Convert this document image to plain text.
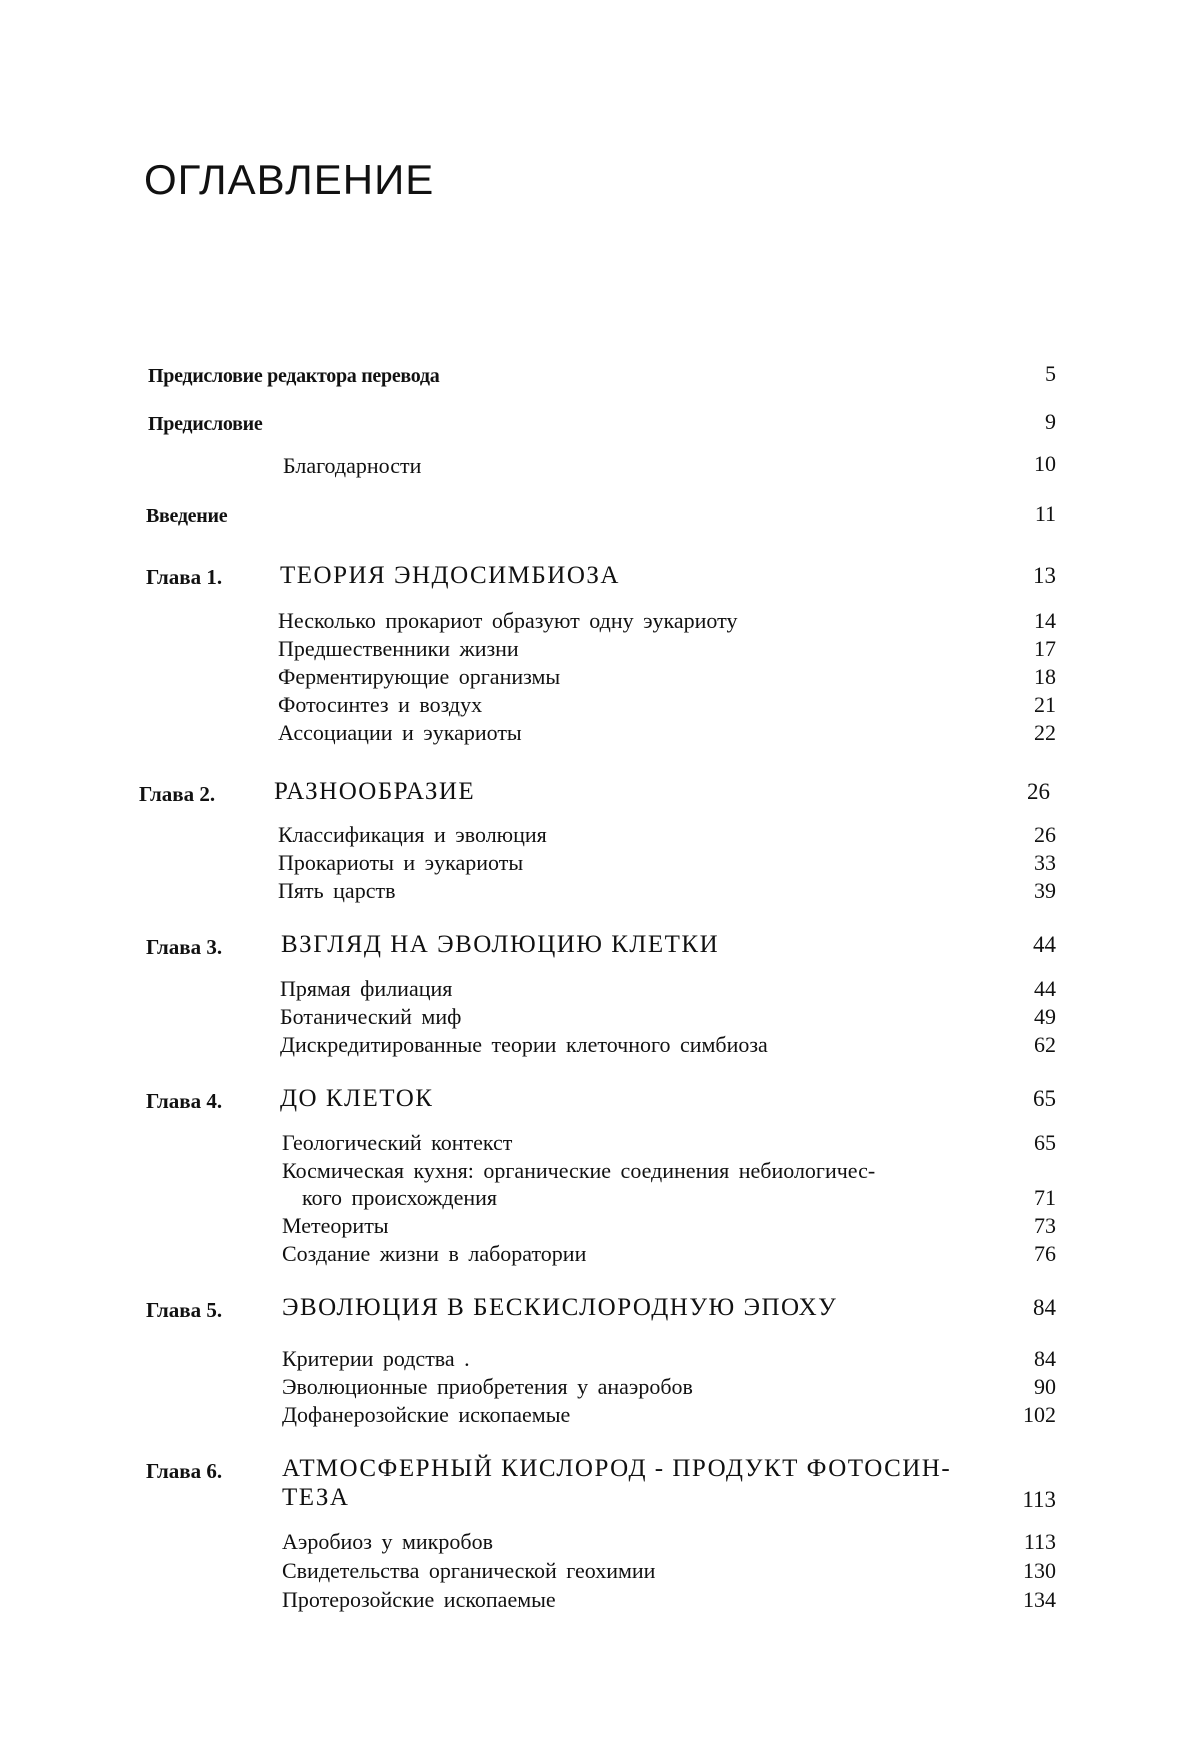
ОГЛАВЛЕНИЕ
Предисловие редактора перевода	5
Предисловие	9
Благодарности	10
Введение	11
Глава 1. ТЕОРИЯ ЭНДОСИМБИОЗА	13
Несколько прокариот образуют одну эукариоту	14
Предшественники жизни	17
Ферментирующие организмы	18
Фотосинтез и воздух	21
Ассоциации и эукариоты	22
Глава 2. РАЗНООБРАЗИЕ	26
Классификация и эволюция	26
Прокариоты и эукариоты	33
Пять царств	39
Глава 3. ВЗГЛЯД НА ЭВОЛЮЦИЮ КЛЕТКИ	44
Прямая филиация	44
Ботанический миф	49
Дискредитированные теории клеточного симбиоза	62
Глава 4. ДО КЛЕТОК	65
Геологический контекст	65
Космическая кухня: органические соединения небиологичес-
кого происхождения	71
Метеориты	73
Создание жизни в лаборатории	76
Глава 5. ЭВОЛЮЦИЯ В БЕСКИСЛОРОДНУЮ ЭПОХУ	84
Критерии родства .	84
Эволюционные приобретения у анаэробов	90
Дофанерозойские ископаемые	102
Глава 6. АТМОСФЕРНЫЙ КИСЛОРОД - ПРОДУКТ ФОТОСИН-
ТЕЗА	113
Аэробиоз у микробов	113
Свидетельства органической геохимии	130
Протерозойские ископаемые	134
